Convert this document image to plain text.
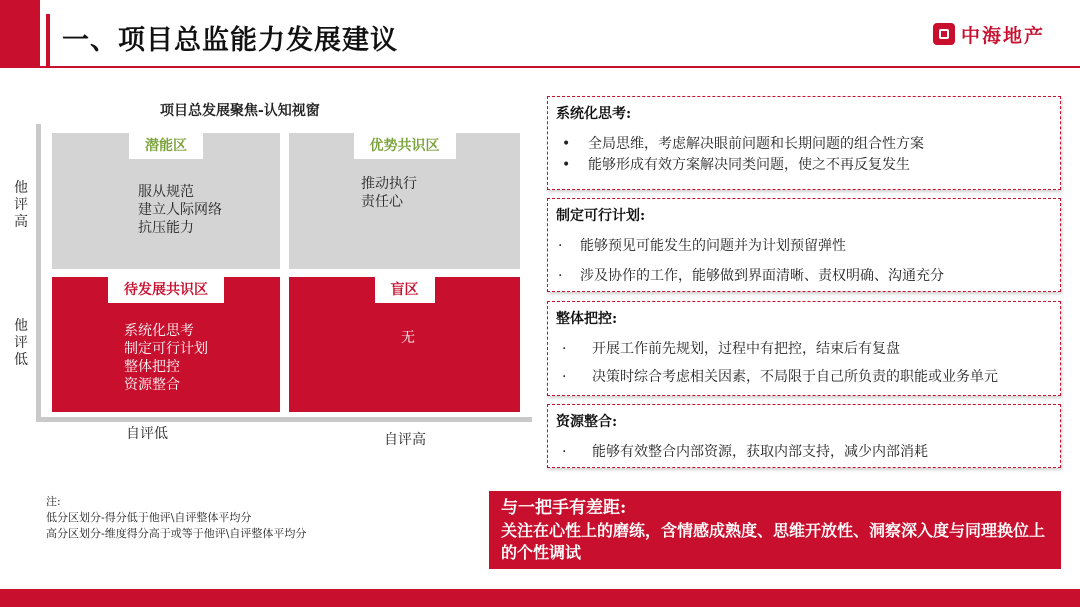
一、项目总监能力发展建议	中海地产
项目总发展聚焦-认知视窗
他
评
高
他
评
低
潜能区
服从规范
建立人际网络
抗压能力
优势共识区
推动执行
责任心
待发展共识区
系统化思考
制定可行计划
整体把控
资源整合
盲区
无
自评低	自评高
注:
低分区划分-得分低于他评\自评整体平均分
高分区划分-维度得分高于或等于他评\自评整体平均分
系统化思考:
• 全局思维，考虑解决眼前问题和长期问题的组合性方案
• 能够形成有效方案解决同类问题，使之不再反复发生
制定可行计划:
· 能够预见可能发生的问题并为计划预留弹性
· 涉及协作的工作，能够做到界面清晰、责权明确、沟通充分
整体把控:
· 开展工作前先规划，过程中有把控，结束后有复盘
· 决策时综合考虑相关因素，不局限于自己所负责的职能或业务单元
资源整合:
· 能够有效整合内部资源，获取内部支持，减少内部消耗
与一把手有差距:
关注在心性上的磨练，含情感成熟度、思维开放性、洞察深入度与同理换位上的个性调试
